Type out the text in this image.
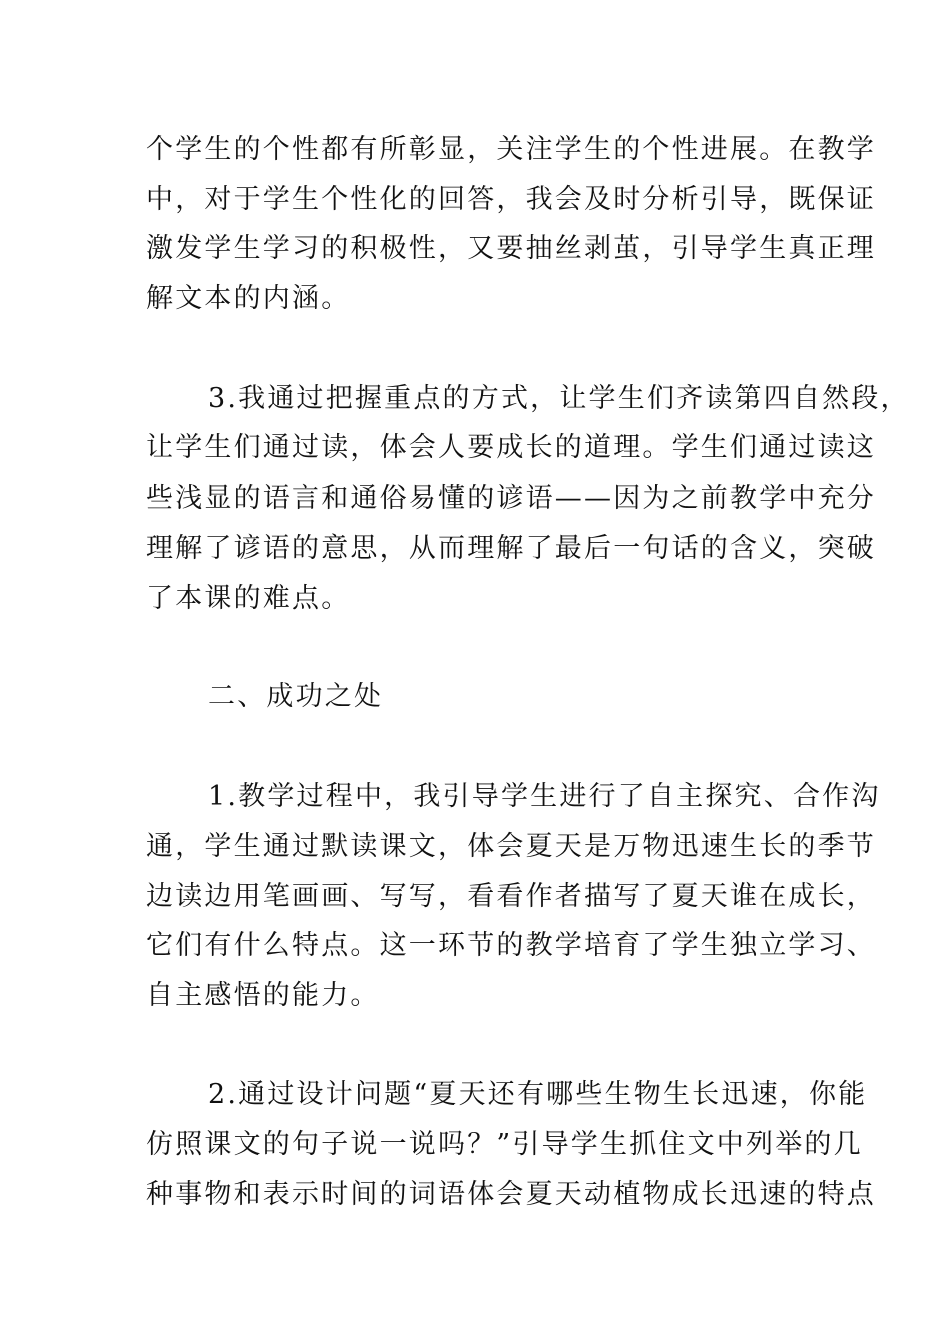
个学生的个性都有所彰显，关注学生的个性进展。在教学
中，对于学生个性化的回答，我会及时分析引导，既保证
激发学生学习的积极性，又要抽丝剥茧，引导学生真正理
解文本的内涵。
3.我通过把握重点的方式，让学生们齐读第四自然段，
让学生们通过读，体会人要成长的道理。学生们通过读这
些浅显的语言和通俗易懂的谚语——因为之前教学中充分
理解了谚语的意思，从而理解了最后一句话的含义，突破
了本课的难点。
二、成功之处
1.教学过程中，我引导学生进行了自主探究、合作沟
通，学生通过默读课文，体会夏天是万物迅速生长的季节
边读边用笔画画、写写，看看作者描写了夏天谁在成长，
它们有什么特点。这一环节的教学培育了学生独立学习、
自主感悟的能力。
2.通过设计问题“夏天还有哪些生物生长迅速，你能
仿照课文的句子说一说吗？”引导学生抓住文中列举的几
种事物和表示时间的词语体会夏天动植物成长迅速的特点
